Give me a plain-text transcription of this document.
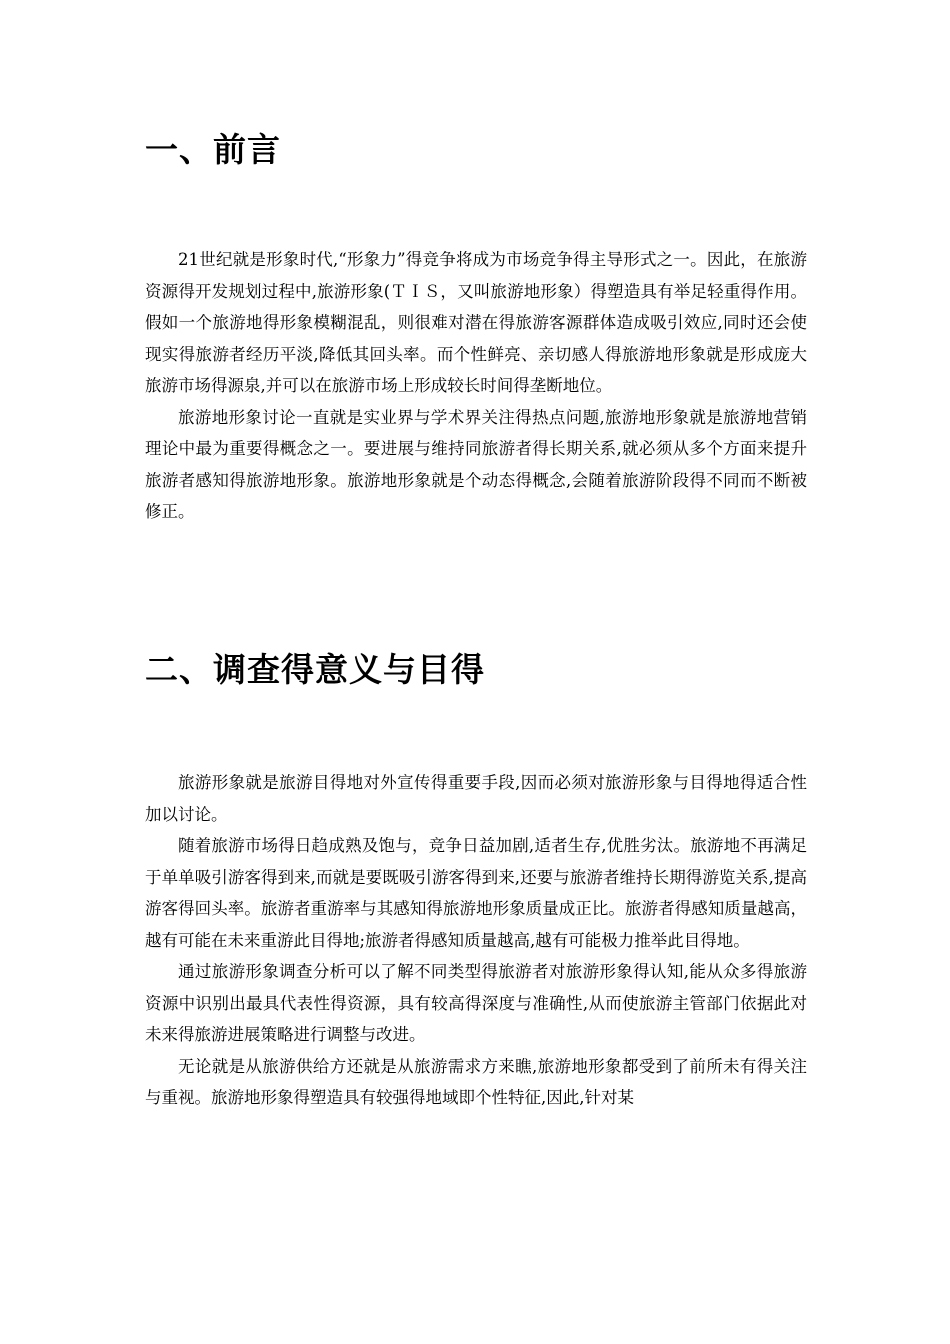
一、前言

21世纪就是形象时代,“形象力”得竞争将成为市场竞争得主导形式之一。因此，在旅游资源得开发规划过程中,旅游形象(ＴＩＳ，又叫旅游地形象）得塑造具有举足轻重得作用。假如一个旅游地得形象模糊混乱，则很难对潜在得旅游客源群体造成吸引效应,同时还会使现实得旅游者经历平淡,降低其回头率。而个性鲜亮、亲切感人得旅游地形象就是形成庞大旅游市场得源泉,并可以在旅游市场上形成较长时间得垄断地位。

旅游地形象讨论一直就是实业界与学术界关注得热点问题,旅游地形象就是旅游地营销理论中最为重要得概念之一。要进展与维持同旅游者得长期关系,就必须从多个方面来提升旅游者感知得旅游地形象。旅游地形象就是个动态得概念,会随着旅游阶段得不同而不断被修正。

二、调查得意义与目得

旅游形象就是旅游目得地对外宣传得重要手段,因而必须对旅游形象与目得地得适合性加以讨论。

随着旅游市场得日趋成熟及饱与，竞争日益加剧,适者生存,优胜劣汰。旅游地不再满足于单单吸引游客得到来,而就是要既吸引游客得到来,还要与旅游者维持长期得游览关系,提高游客得回头率。旅游者重游率与其感知得旅游地形象质量成正比。旅游者得感知质量越高，越有可能在未来重游此目得地;旅游者得感知质量越高,越有可能极力推举此目得地。

通过旅游形象调查分析可以了解不同类型得旅游者对旅游形象得认知,能从众多得旅游资源中识别出最具代表性得资源，具有较高得深度与准确性,从而使旅游主管部门依据此对未来得旅游进展策略进行调整与改进。

无论就是从旅游供给方还就是从旅游需求方来瞧,旅游地形象都受到了前所未有得关注与重视。旅游地形象得塑造具有较强得地域即个性特征,因此,针对某
